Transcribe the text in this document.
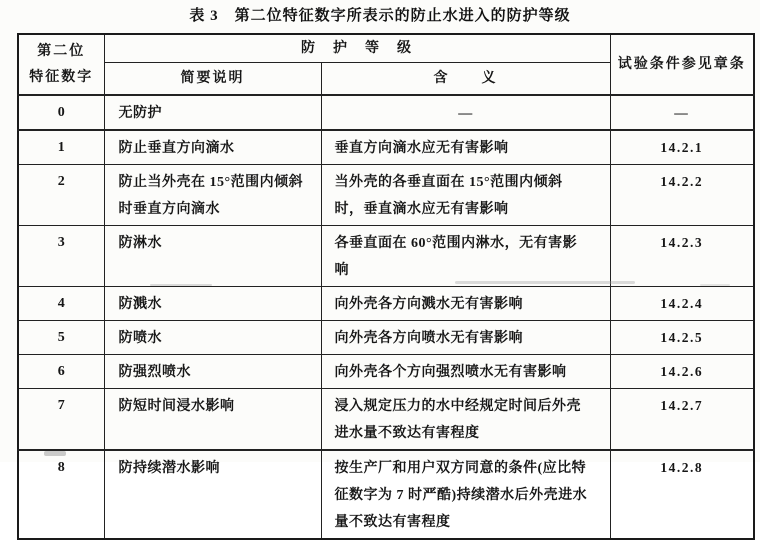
表 3　第二位特征数字所表示的防止水进入的防护等级
第二位
特征数字	防　护　等　级		试验条件参见章条
	简要说明	含　　义	
0	无防护	—	—
1	防止垂直方向滴水	垂直方向滴水应无有害影响	14.2.1
2	防止当外壳在 15°范围内倾斜时垂直方向滴水	当外壳的各垂直面在 15°范围内倾斜时，垂直滴水应无有害影响	14.2.2
3	防淋水	各垂直面在 60°范围内淋水，无有害影响	14.2.3
4	防溅水	向外壳各方向溅水无有害影响	14.2.4
5	防喷水	向外壳各方向喷水无有害影响	14.2.5
6	防强烈喷水	向外壳各个方向强烈喷水无有害影响	14.2.6
7	防短时间浸水影响	浸入规定压力的水中经规定时间后外壳进水量不致达有害程度	14.2.7
8	防持续潜水影响	按生产厂和用户双方同意的条件(应比特征数字为 7 时严酷)持续潜水后外壳进水量不致达有害程度	14.2.8
